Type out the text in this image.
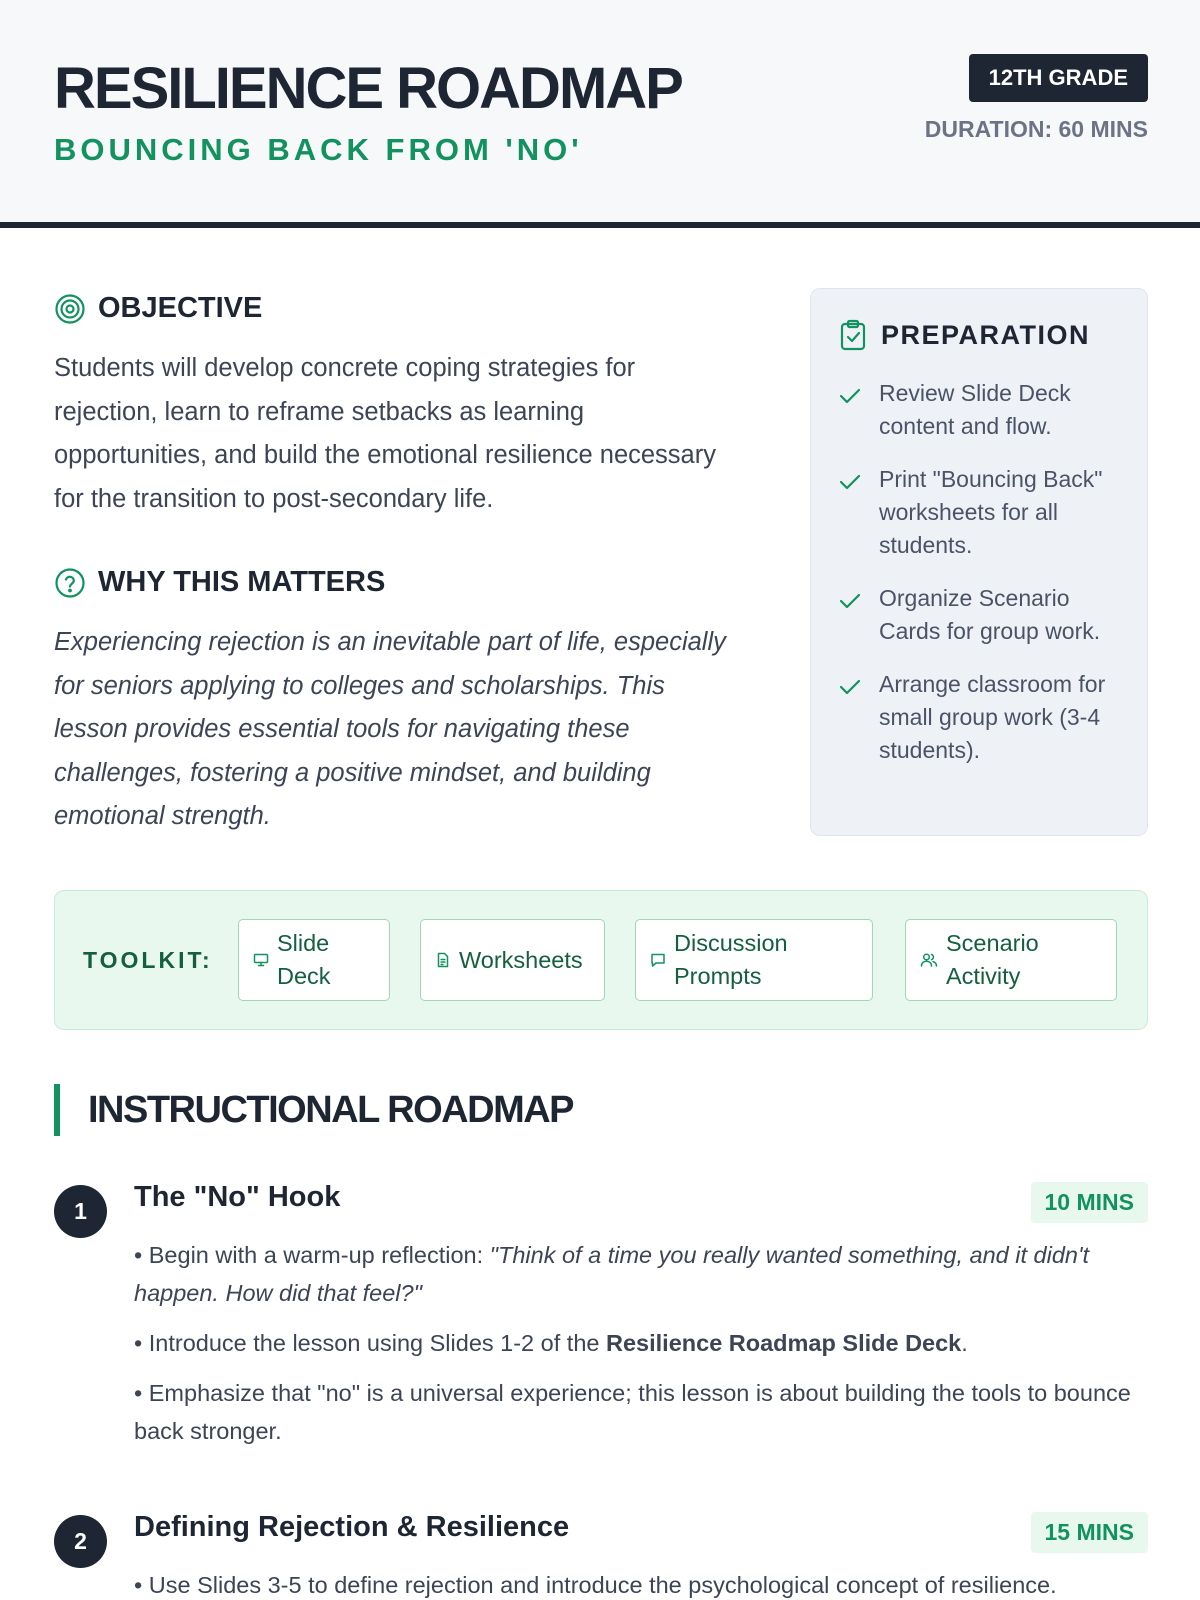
RESILIENCE ROADMAP
BOUNCING BACK FROM 'NO'
12TH GRADE
DURATION: 60 MINS
OBJECTIVE
Students will develop concrete coping strategies for rejection, learn to reframe setbacks as learning opportunities, and build the emotional resilience necessary for the transition to post-secondary life.
WHY THIS MATTERS
Experiencing rejection is an inevitable part of life, especially for seniors applying to colleges and scholarships. This lesson provides essential tools for navigating these challenges, fostering a positive mindset, and building emotional strength.
PREPARATION
Review Slide Deck content and flow.
Print "Bouncing Back" worksheets for all students.
Organize Scenario Cards for group work.
Arrange classroom for small group work (3-4 students).
TOOLKIT:
Slide Deck
Worksheets
Discussion Prompts
Scenario Activity
INSTRUCTIONAL ROADMAP
1	The "No" Hook	10 MINS
• Begin with a warm-up reflection: "Think of a time you really wanted something, and it didn't happen. How did that feel?"
• Introduce the lesson using Slides 1-2 of the Resilience Roadmap Slide Deck.
• Emphasize that "no" is a universal experience; this lesson is about building the tools to bounce back stronger.
2	Defining Rejection & Resilience	15 MINS
• Use Slides 3-5 to define rejection and introduce the psychological concept of resilience.
